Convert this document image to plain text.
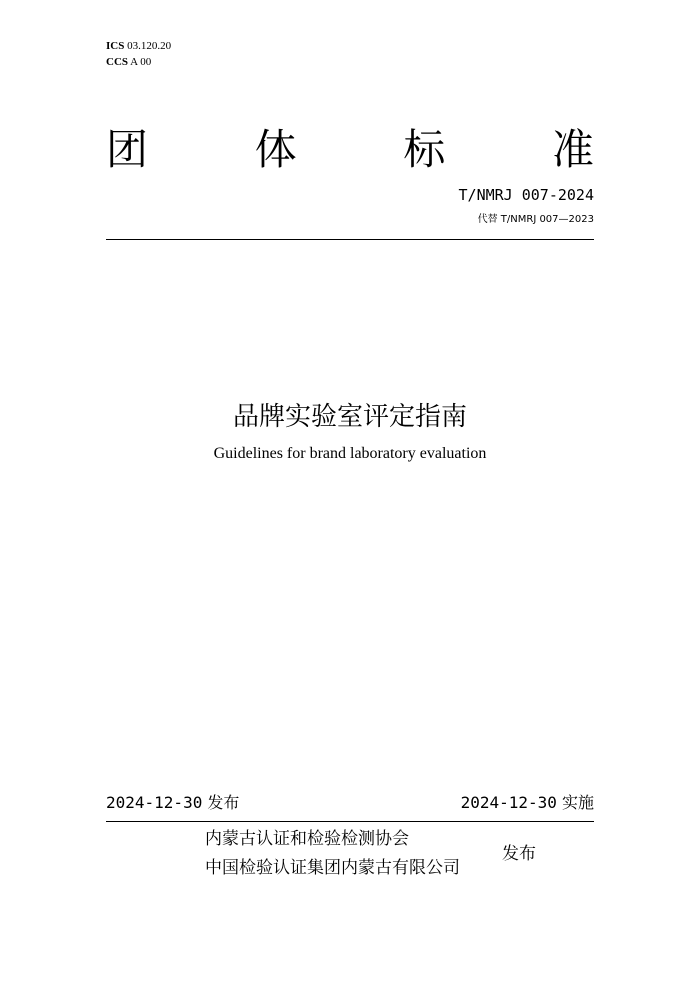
ICS 03.120.20
CCS A 00
团	体	标	准
T/NMRJ 007-2024
代替 T/NMRJ 007—2023
品牌实验室评定指南
Guidelines for brand laboratory evaluation
2024-12-30 发布	2024-12-30 实施
内蒙古认证和检验检测协会
中国检验认证集团内蒙古有限公司
发布
